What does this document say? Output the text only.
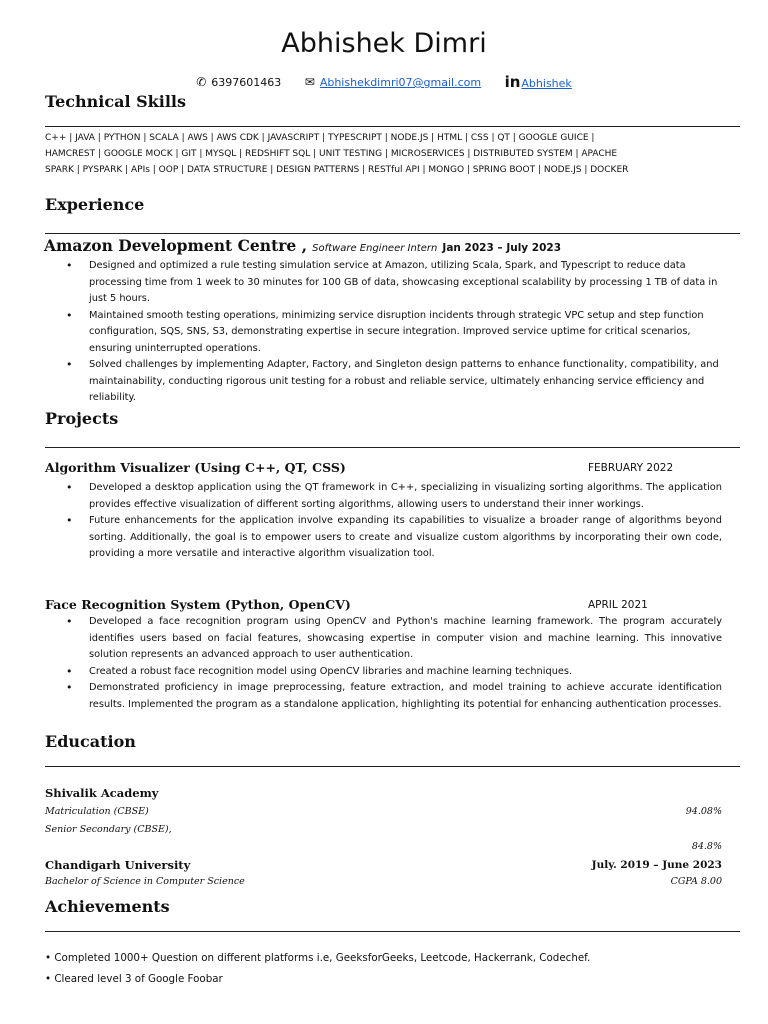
Abhishek Dimri
✆ 6397601463 ✉ Abhishekdimri07@gmail.com inAbhishek
Technical Skills
C++ | JAVA | PYTHON | SCALA | AWS | AWS CDK | JAVASCRIPT | TYPESCRIPT | NODE.JS | HTML | CSS | QT | GOOGLE GUICE |
HAMCREST | GOOGLE MOCK | GIT | MYSQL | REDSHIFT SQL | UNIT TESTING | MICROSERVICES | DISTRIBUTED SYSTEM | APACHE
SPARK | PYSPARK | APIs | OOP | DATA STRUCTURE | DESIGN PATTERNS | RESTful API | MONGO | SPRING BOOT | NODE.JS | DOCKER
Experience
Amazon Development Centre , Software Engineer Intern Jan 2023 – July 2023
• Designed and optimized a rule testing simulation service at Amazon, utilizing Scala, Spark, and Typescript to reduce data processing time from 1 week to 30 minutes for 100 GB of data, showcasing exceptional scalability by processing 1 TB of data in just 5 hours.
• Maintained smooth testing operations, minimizing service disruption incidents through strategic VPC setup and step function configuration, SQS, SNS, S3, demonstrating expertise in secure integration. Improved service uptime for critical scenarios, ensuring uninterrupted operations.
• Solved challenges by implementing Adapter, Factory, and Singleton design patterns to enhance functionality, compatibility, and maintainability, conducting rigorous unit testing for a robust and reliable service, ultimately enhancing service efficiency and reliability.
Projects
Algorithm Visualizer (Using C++, QT, CSS)	FEBRUARY 2022
• Developed a desktop application using the QT framework in C++, specializing in visualizing sorting algorithms. The application provides effective visualization of different sorting algorithms, allowing users to understand their inner workings.
• Future enhancements for the application involve expanding its capabilities to visualize a broader range of algorithms beyond sorting. Additionally, the goal is to empower users to create and visualize custom algorithms by incorporating their own code, providing a more versatile and interactive algorithm visualization tool.
Face Recognition System (Python, OpenCV)	APRIL 2021
• Developed a face recognition program using OpenCV and Python's machine learning framework. The program accurately identifies users based on facial features, showcasing expertise in computer vision and machine learning. This innovative solution represents an advanced approach to user authentication.
• Created a robust face recognition model using OpenCV libraries and machine learning techniques.
• Demonstrated proficiency in image preprocessing, feature extraction, and model training to achieve accurate identification results. Implemented the program as a standalone application, highlighting its potential for enhancing authentication processes.
Education
Shivalik Academy
Matriculation (CBSE)	94.08%
Senior Secondary (CBSE),
84.8%
Chandigarh University	July. 2019 – June 2023
Bachelor of Science in Computer Science	CGPA 8.00
Achievements
• Completed 1000+ Question on different platforms i.e, GeeksforGeeks, Leetcode, Hackerrank, Codechef.
• Cleared level 3 of Google Foobar
